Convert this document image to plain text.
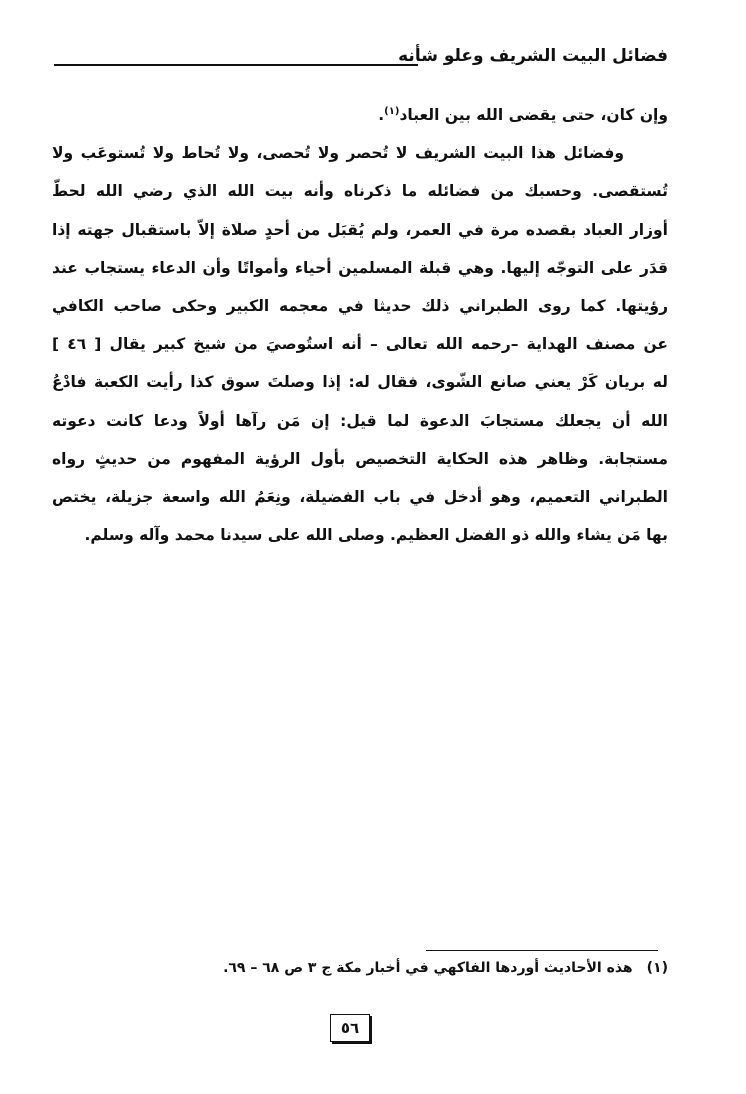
فضائل البيت الشريف وعلو شأنه

وإن كان، حتى يقضى الله بين العباد$^{(١)}$.

وفضائل هذا البيت الشريف لا تُحصر ولا تُحصى، ولا تُحاط ولا تُستوعَب ولا
تُستقصى. وحسبك من فضائله ما ذكرناه وأنه بيت الله الذي رضي الله لحطّ
أوزار العباد بقصده مرة في العمر، ولم يُقبَل من أحدٍ صلاة إلاّ باستقبال جهته إذا
قدَر على التوجّه إليها. وهي قبلة المسلمين أحياء وأمواتًا وأن الدعاء يستجاب عند
رؤيتها. كما روى الطبراني ذلك حديثا في معجمه الكبير وحكى صاحب الكافي
عن مصنف الهداية –رحمه الله تعالى – أنه استُوصيَ من شيخ كبير يقال [ ٤٦ ]
له بريان كَرْ يعني صانع الشّوى، فقال له: إذا وصلتَ سوق كذا رأيت الكعبة فادْعُ
الله أن يجعلك مستجابَ الدعوة لما قيل: إن مَن رآها أولاً ودعا كانت دعوته
مستجابة. وظاهر هذه الحكاية التخصيص بأول الرؤية المفهوم من حديثٍ رواه
الطبراني التعميم، وهو أدخل في باب الفضيلة، ونِعَمُ الله واسعة جزيلة، يختص
بها مَن يشاء والله ذو الفضل العظيم. وصلى الله على سيدنا محمد وآله وسلم.
(١)هذه الأحاديث أوردها الفاكهي في أخبار مكة ج ٣ ص ٦٨ – ٦٩.
٥٦
